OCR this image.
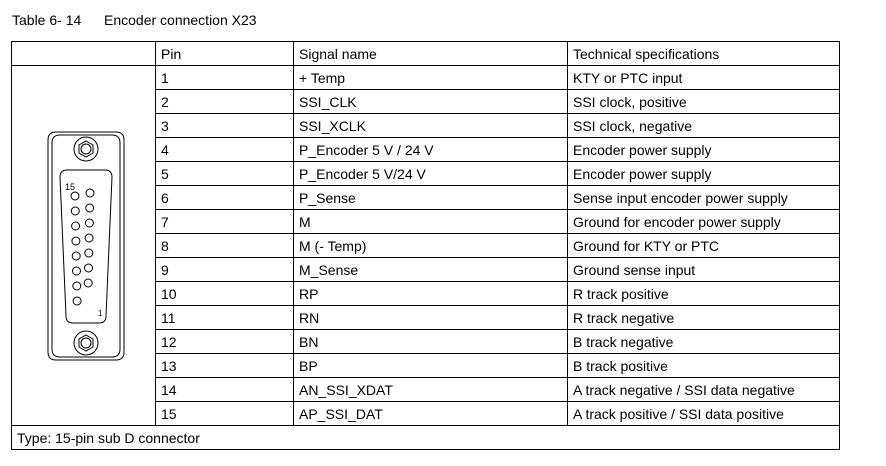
Table 6- 14 Encoder connection X23
	Pin	Signal name	Technical specifications

15
1	1	+ Temp	KTY or PTC input
	2	SSI_CLK	SSI clock, positive
	3	SSI_XCLK	SSI clock, negative
	4	P_Encoder 5 V / 24 V	Encoder power supply
	5	P_Encoder 5 V/24 V	Encoder power supply
	6	P_Sense	Sense input encoder power supply
	7	M	Ground for encoder power supply
	8	M (- Temp)	Ground for KTY or PTC
	9	M_Sense	Ground sense input
	10	RP	R track positive
	11	RN	R track negative
	12	BN	B track negative
	13	BP	B track positive
	14	AN_SSI_XDAT	A track negative / SSI data negative
	15	AP_SSI_DAT	A track positive / SSI data positive
Type: 15-pin sub D connector			
